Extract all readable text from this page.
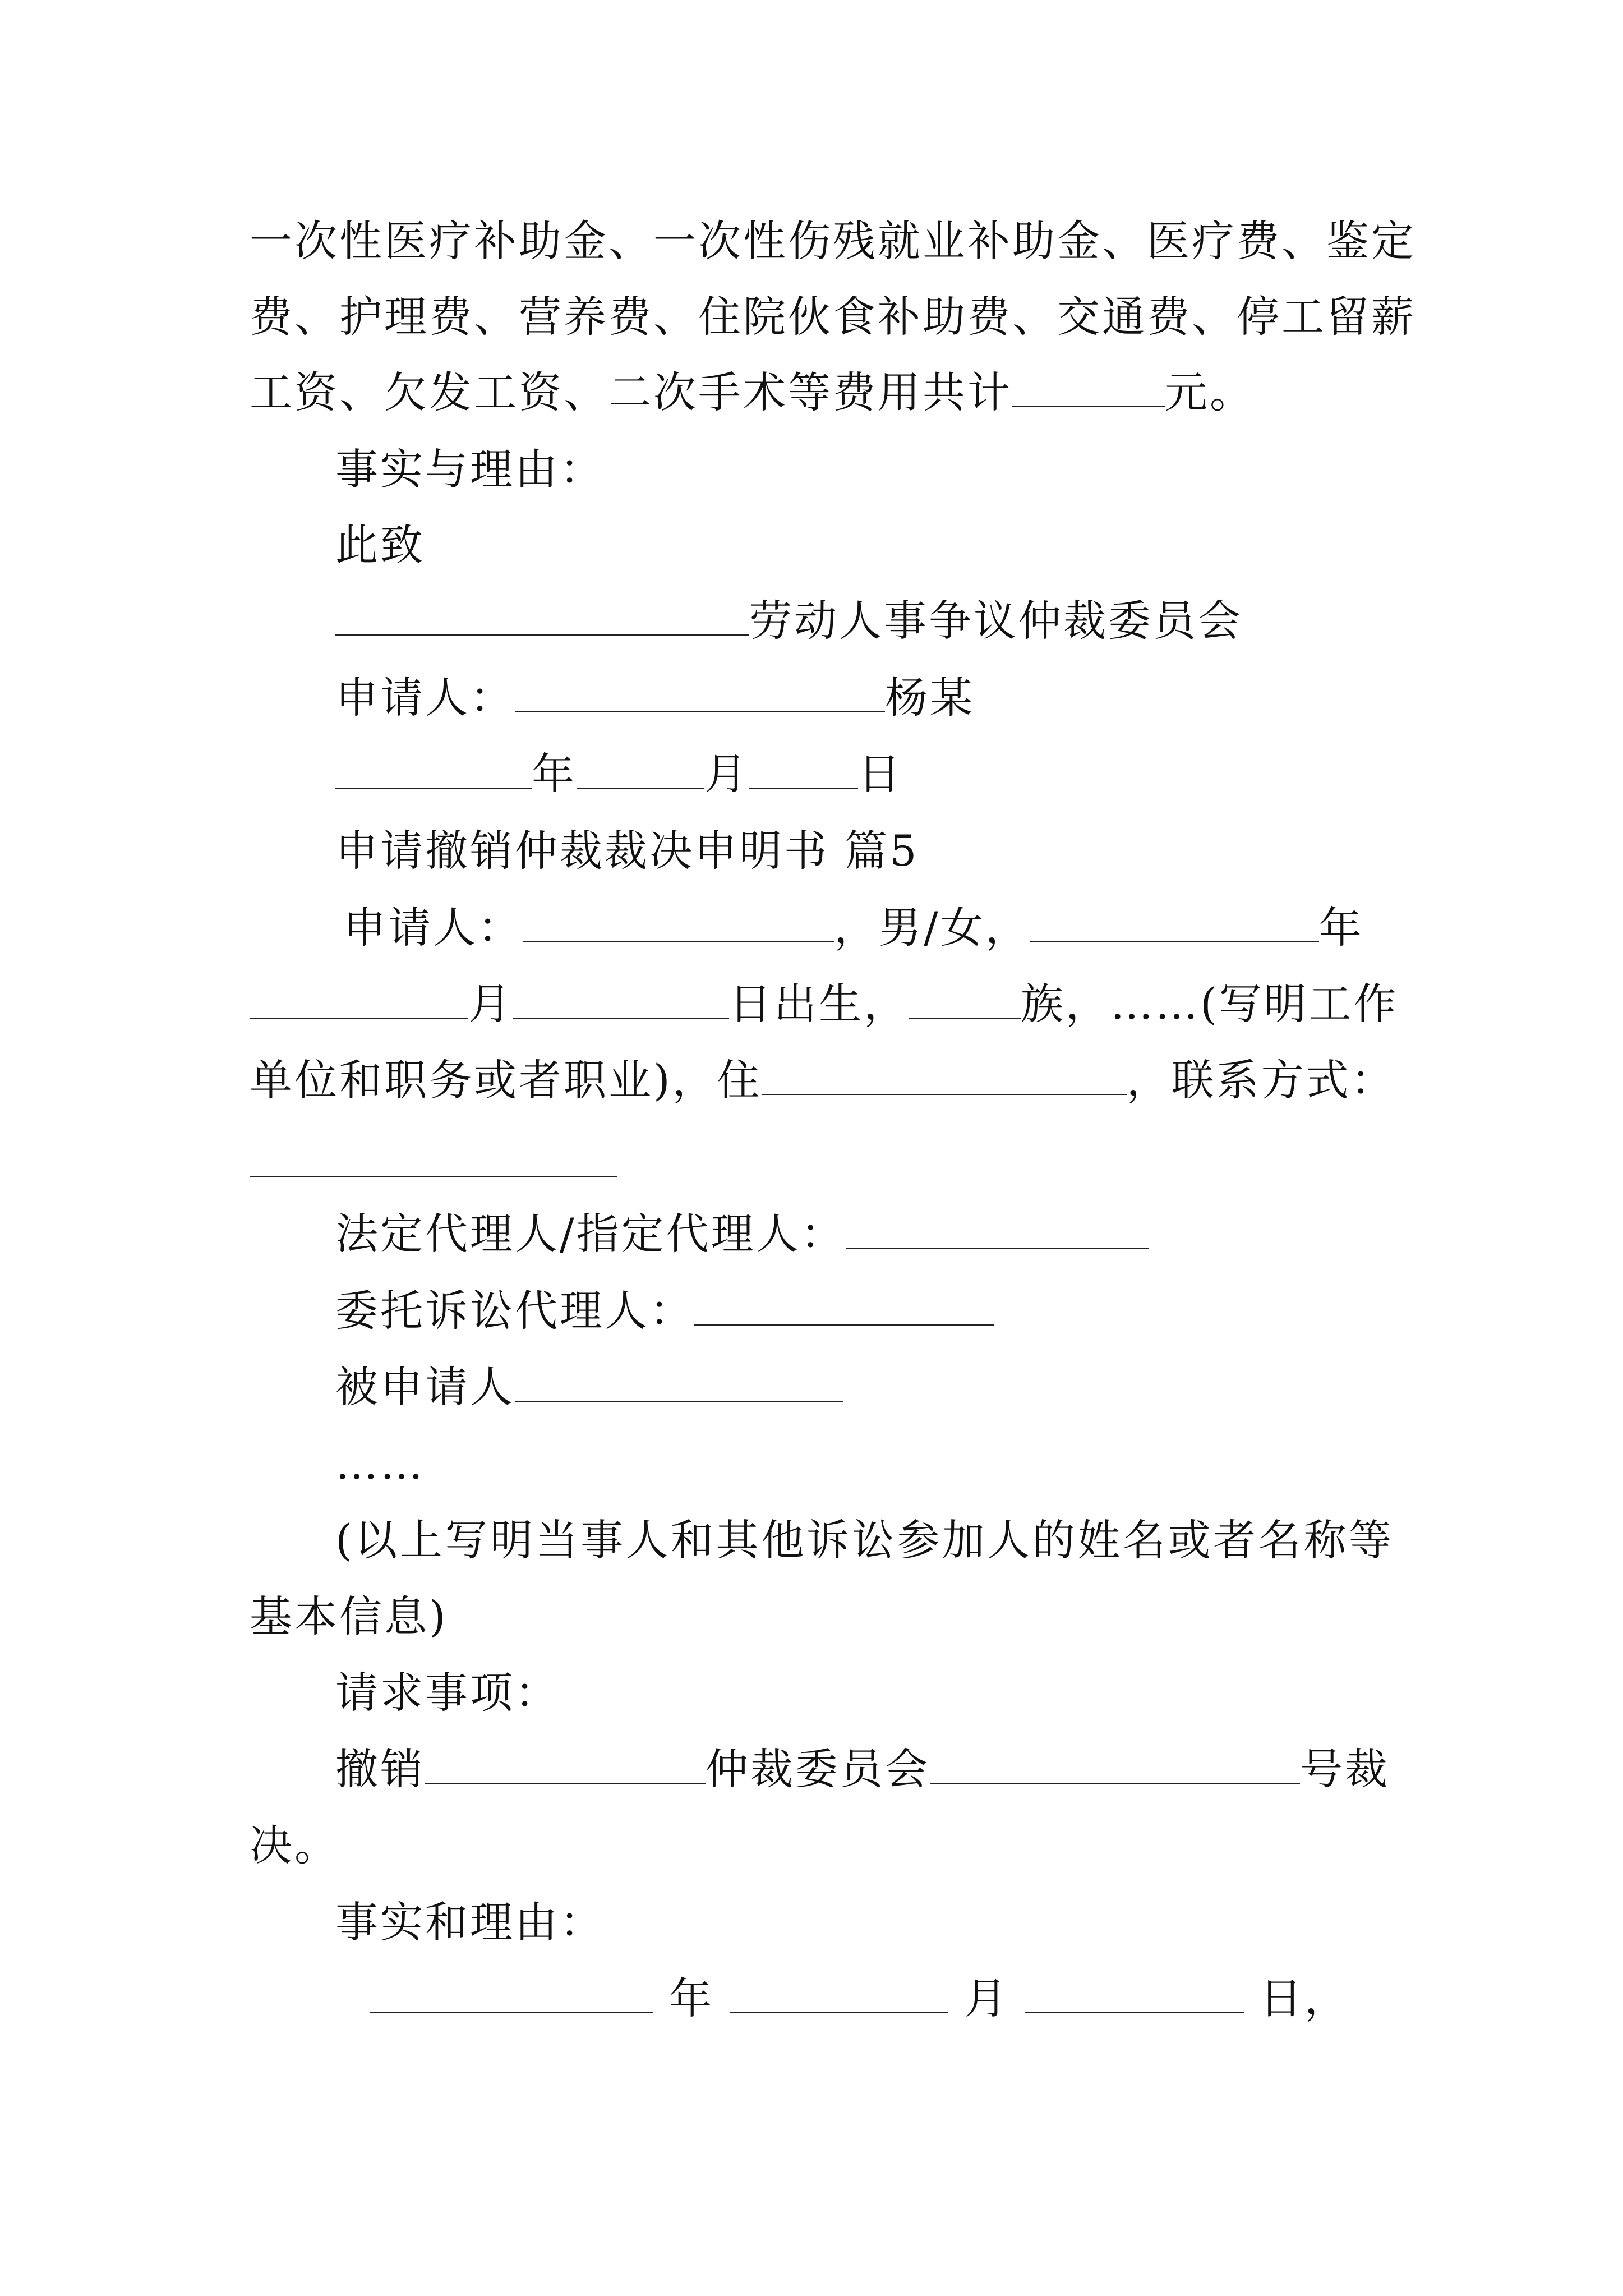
一次性医疗补助金、一次性伤残就业补助金、医疗费、鉴定
费、护理费、营养费、住院伙食补助费、交通费、停工留薪
工资、欠发工资、二次手术等费用共计	元。
事实与理由：
此致
劳动人事争议仲裁委员会
申请人：	杨某
年	月	日
申请撤销仲裁裁决申明书 篇5
申请人：	，男/女，	年
月	日出生，	族，……(写明工作
单位和职务或者职业)，住	，联系方式：
法定代理人/指定代理人：
委托诉讼代理人：
被申请人
……
(以上写明当事人和其他诉讼参加人的姓名或者名称等
基本信息)
请求事项：
撤销	仲裁委员会	号裁
决。
事实和理由：
年	月	日，
